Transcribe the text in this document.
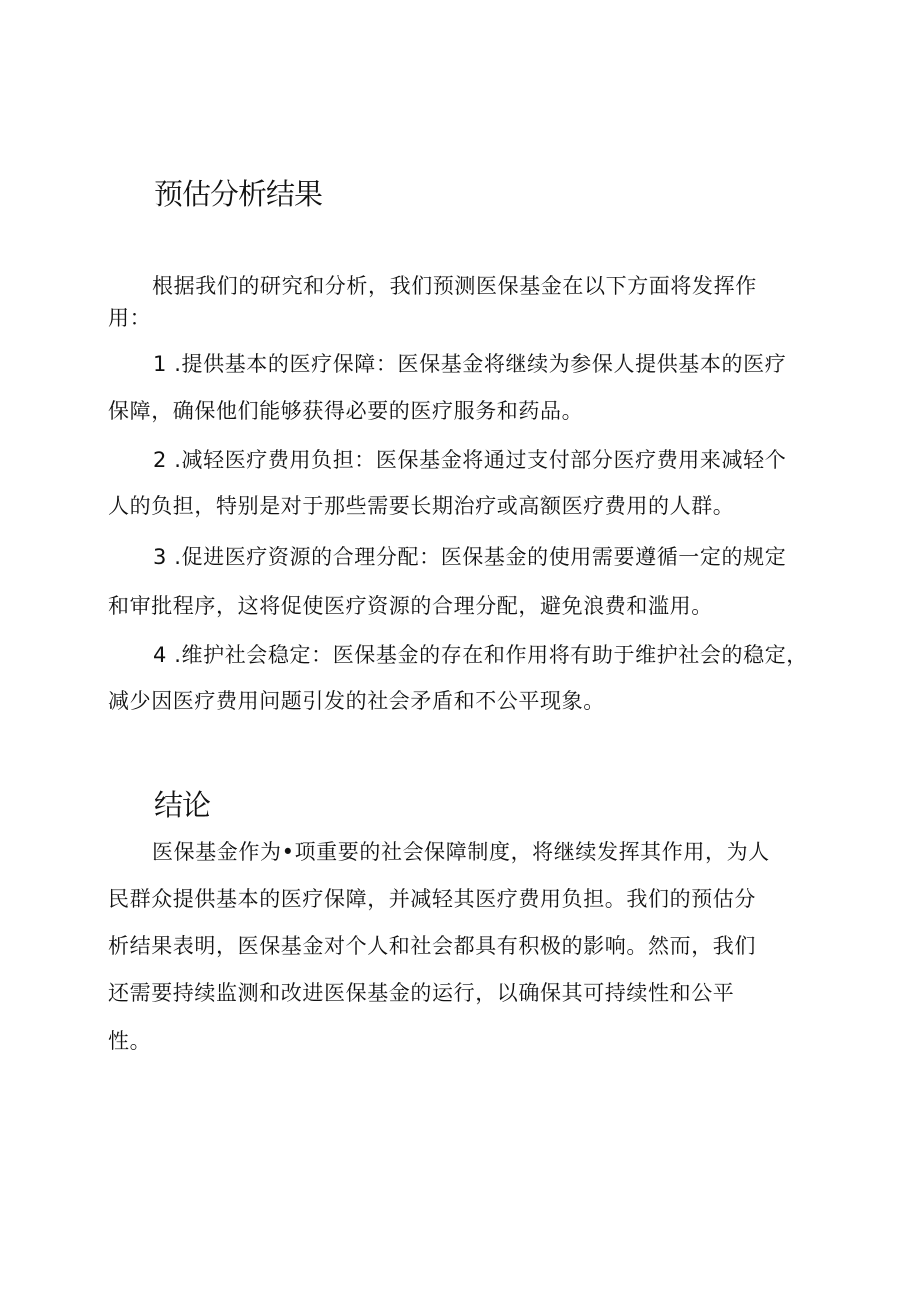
预估分析结果

根据我们的研究和分析，我们预测医保基金在以下方面将发挥作

用：

1 .提供基本的医疗保障：医保基金将继续为参保人提供基本的医疗

保障，确保他们能够获得必要的医疗服务和药品。

2 .减轻医疗费用负担：医保基金将通过支付部分医疗费用来减轻个

人的负担，特别是对于那些需要长期治疗或高额医疗费用的人群。

3 .促进医疗资源的合理分配：医保基金的使用需要遵循一定的规定

和审批程序，这将促使医疗资源的合理分配，避免浪费和滥用。

4 .维护社会稳定：医保基金的存在和作用将有助于维护社会的稳定，

减少因医疗费用问题引发的社会矛盾和不公平现象。

结论

医保基金作为•项重要的社会保障制度，将继续发挥其作用，为人

民群众提供基本的医疗保障，并减轻其医疗费用负担。我们的预估分

析结果表明，医保基金对个人和社会都具有积极的影响。然而，我们

还需要持续监测和改进医保基金的运行，以确保其可持续性和公平

性。
